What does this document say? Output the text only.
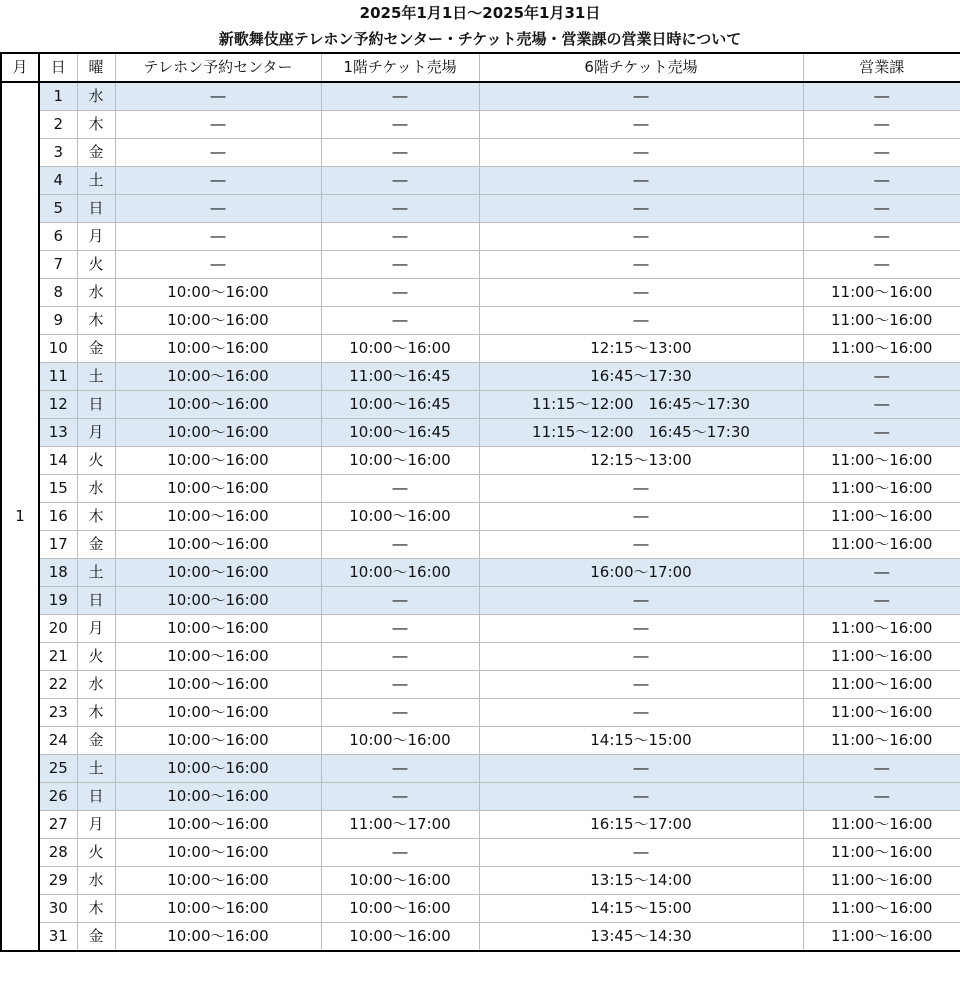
2025年1月1日～2025年1月31日
新歌舞伎座テレホン予約センター・チケット売場・営業課の営業日時について
月	日	曜	テレホン予約センター	1階チケット売場	6階チケット売場	営業課
1	1	水	―	―	―	―
	2	木	―	―	―	―
	3	金	―	―	―	―
	4	土	―	―	―	―
	5	日	―	―	―	―
	6	月	―	―	―	―
	7	火	―	―	―	―
	8	水	10:00～16:00	―	―	11:00～16:00
	9	木	10:00～16:00	―	―	11:00～16:00
	10	金	10:00～16:00	10:00～16:00	12:15～13:00	11:00～16:00
	11	土	10:00～16:00	11:00～16:45	16:45～17:30	―
	12	日	10:00～16:00	10:00～16:45	11:15～12:00　16:45～17:30	―
	13	月	10:00～16:00	10:00～16:45	11:15～12:00　16:45～17:30	―
	14	火	10:00～16:00	10:00～16:00	12:15～13:00	11:00～16:00
	15	水	10:00～16:00	―	―	11:00～16:00
	16	木	10:00～16:00	10:00～16:00	―	11:00～16:00
	17	金	10:00～16:00	―	―	11:00～16:00
	18	土	10:00～16:00	10:00～16:00	16:00～17:00	―
	19	日	10:00～16:00	―	―	―
	20	月	10:00～16:00	―	―	11:00～16:00
	21	火	10:00～16:00	―	―	11:00～16:00
	22	水	10:00～16:00	―	―	11:00～16:00
	23	木	10:00～16:00	―	―	11:00～16:00
	24	金	10:00～16:00	10:00～16:00	14:15～15:00	11:00～16:00
	25	土	10:00～16:00	―	―	―
	26	日	10:00～16:00	―	―	―
	27	月	10:00～16:00	11:00～17:00	16:15～17:00	11:00～16:00
	28	火	10:00～16:00	―	―	11:00～16:00
	29	水	10:00～16:00	10:00～16:00	13:15～14:00	11:00～16:00
	30	木	10:00～16:00	10:00～16:00	14:15～15:00	11:00～16:00
	31	金	10:00～16:00	10:00～16:00	13:45～14:30	11:00～16:00
